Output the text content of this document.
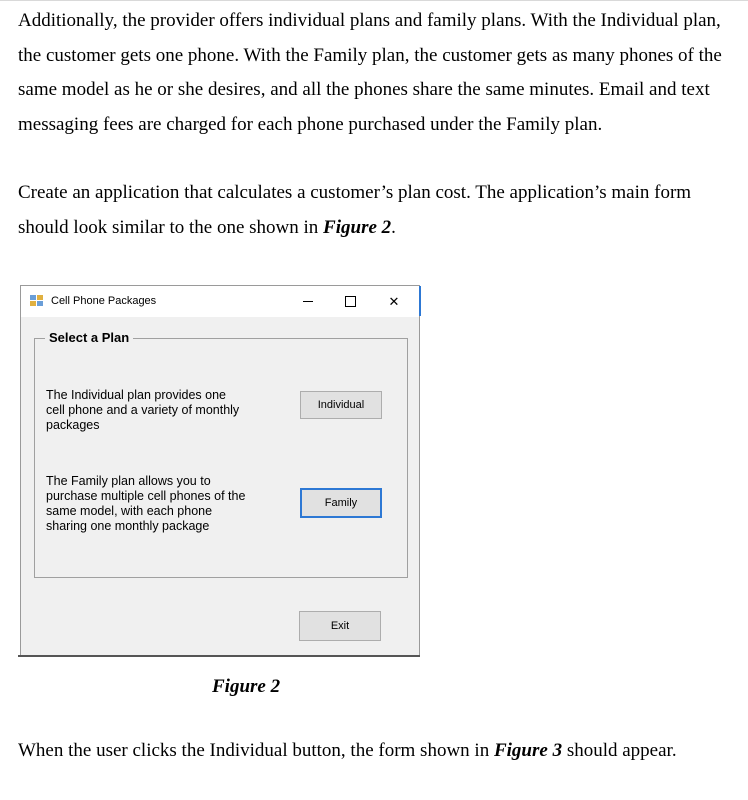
Additionally, the provider offers individual plans and family plans. With the Individual plan, the customer gets one phone. With the Family plan, the customer gets as many phones of the same model as he or she desires, and all the phones share the same minutes. Email and text messaging fees are charged for each phone purchased under the Family plan.

Create an application that calculates a customer’s plan cost. The application’s main form should look similar to the one shown in Figure 2.

Cell Phone Packages	✕
Select a Plan

The Individual plan provides one cell phone and a variety of monthly packages

Individual

The Family plan allows you to purchase multiple cell phones of the same model, with each phone sharing one monthly package

Family
Exit
Figure 2

When the user clicks the Individual button, the form shown in Figure 3 should appear.
